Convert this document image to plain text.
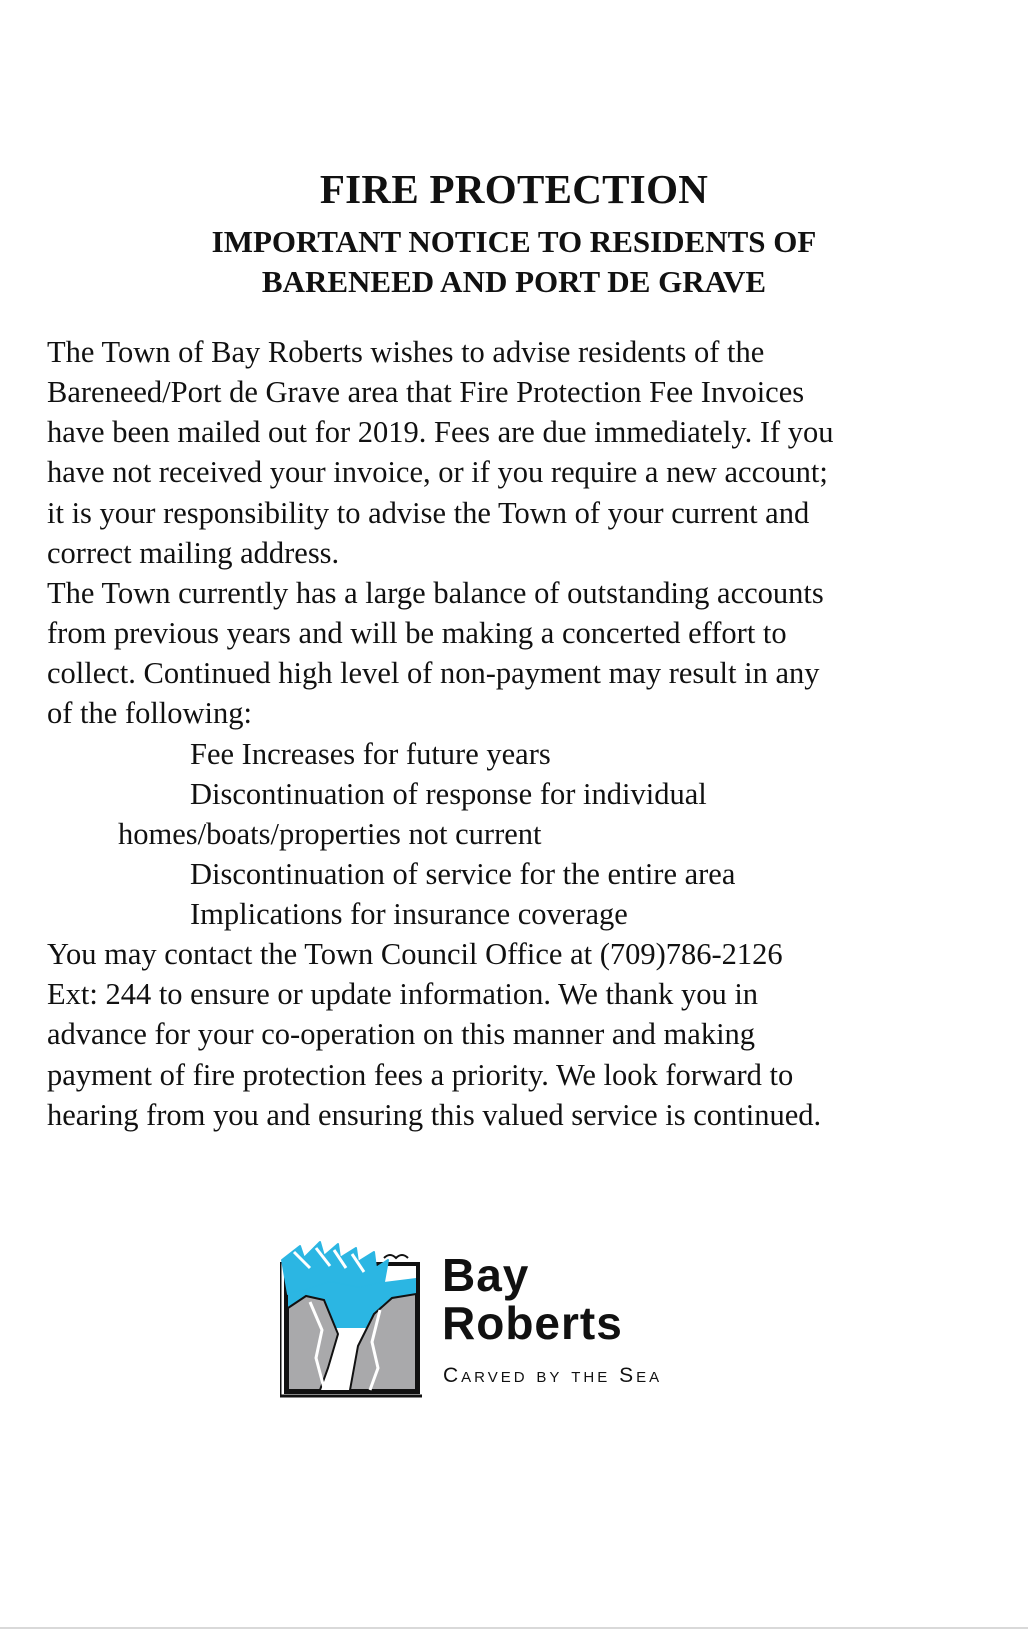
FIRE PROTECTION
IMPORTANT NOTICE TO RESIDENTS OF
BARENEED AND PORT DE GRAVE
The Town of Bay Roberts wishes to advise residents of the
Bareneed/Port de Grave area that Fire Protection Fee Invoices
have been mailed out for 2019. Fees are due immediately. If you
have not received your invoice, or if you require a new account;
it is your responsibility to advise the Town of your current and
correct mailing address.
The Town currently has a large balance of outstanding accounts
from previous years and will be making a concerted effort to
collect. Continued high level of non-payment may result in any
of the following:
Fee Increases for future years
Discontinuation of response for individual
homes/boats/properties not current
Discontinuation of service for the entire area
Implications for insurance coverage
You may contact the Town Council Office at (709)786-2126
Ext: 244 to ensure or update information. We thank you in
advance for your co-operation on this manner and making
payment of fire protection fees a priority. We look forward to
hearing from you and ensuring this valued service is continued.
Bay
Roberts
Carved by the Sea
